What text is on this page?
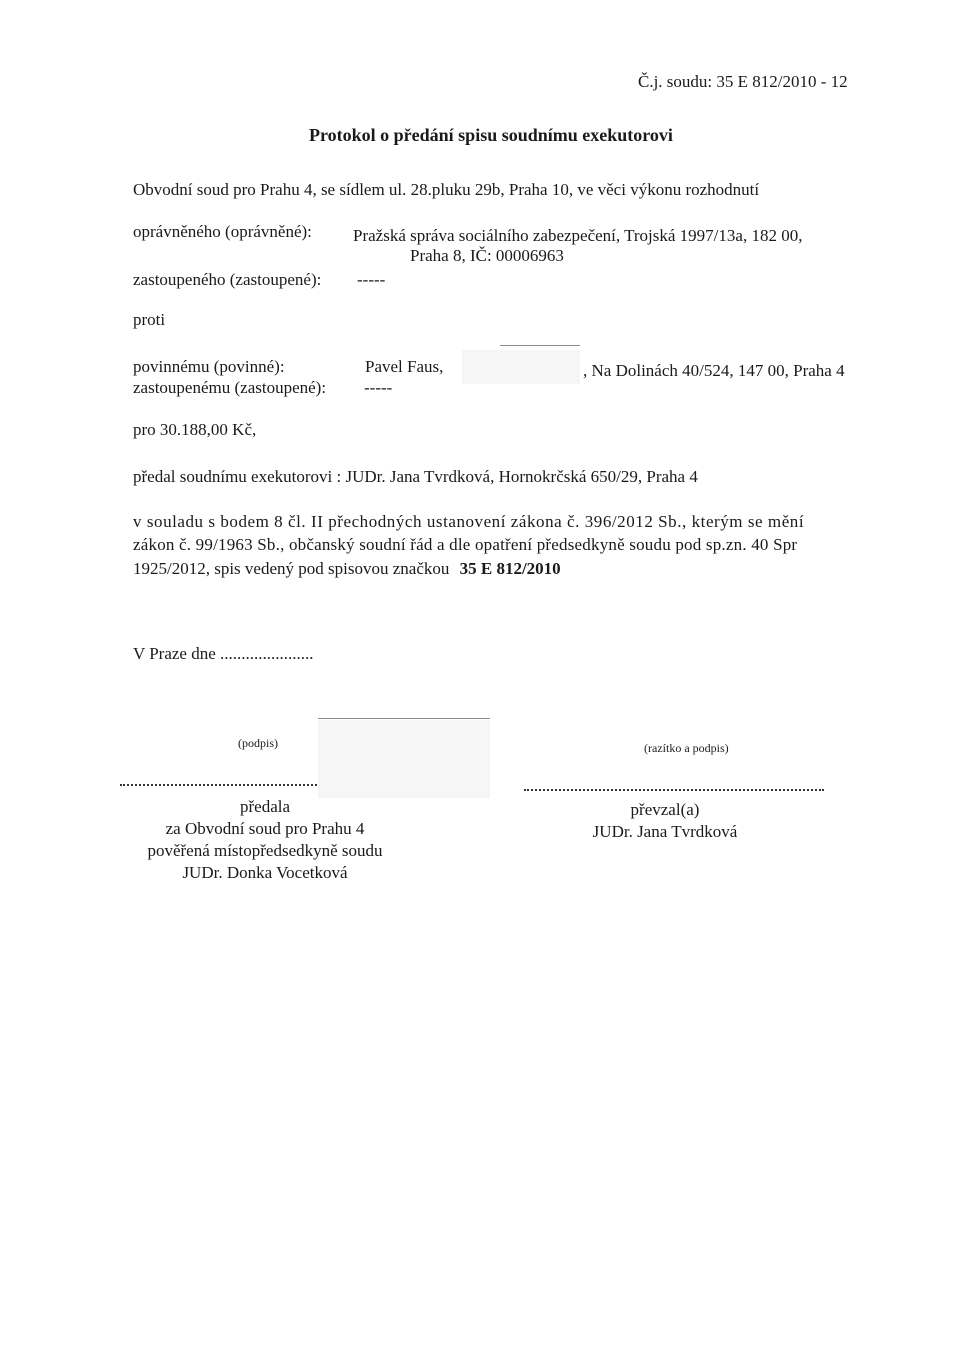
Č.j. soudu: 35 E 812/2010 - 12
Protokol o předání spisu soudnímu exekutorovi
Obvodní soud pro Prahu 4, se sídlem ul. 28.pluku 29b, Praha 10, ve věci výkonu rozhodnutí
oprávněného (oprávněné): Pražská správa sociálního zabezpečení, Trojská 1997/13a, 182 00,
Praha 8, IČ: 00006963
zastoupeného (zastoupené): -----
proti
povinnému (povinné):	Pavel Faus,	, Na Dolinách 40/524, 147 00, Praha 4
zastoupenému (zastoupené): -----
pro 30.188,00 Kč,
předal soudnímu exekutorovi : JUDr. Jana Tvrdková, Hornokrčská 650/29, Praha 4
v souladu s bodem 8 čl. II přechodných ustanovení zákona č. 396/2012 Sb., kterým se mění
zákon č. 99/1963 Sb., občanský soudní řád a dle opatření předsedkyně soudu pod sp.zn. 40 Spr
1925/2012, spis vedený pod spisovou značkou 35 E 812/2010
V Praze dne ......................
(podpis)	(razítko a podpis)
předala
za Obvodní soud pro Prahu 4
pověřená místopředsedkyně soudu
JUDr. Donka Vocetková
převzal(a)
JUDr. Jana Tvrdková
